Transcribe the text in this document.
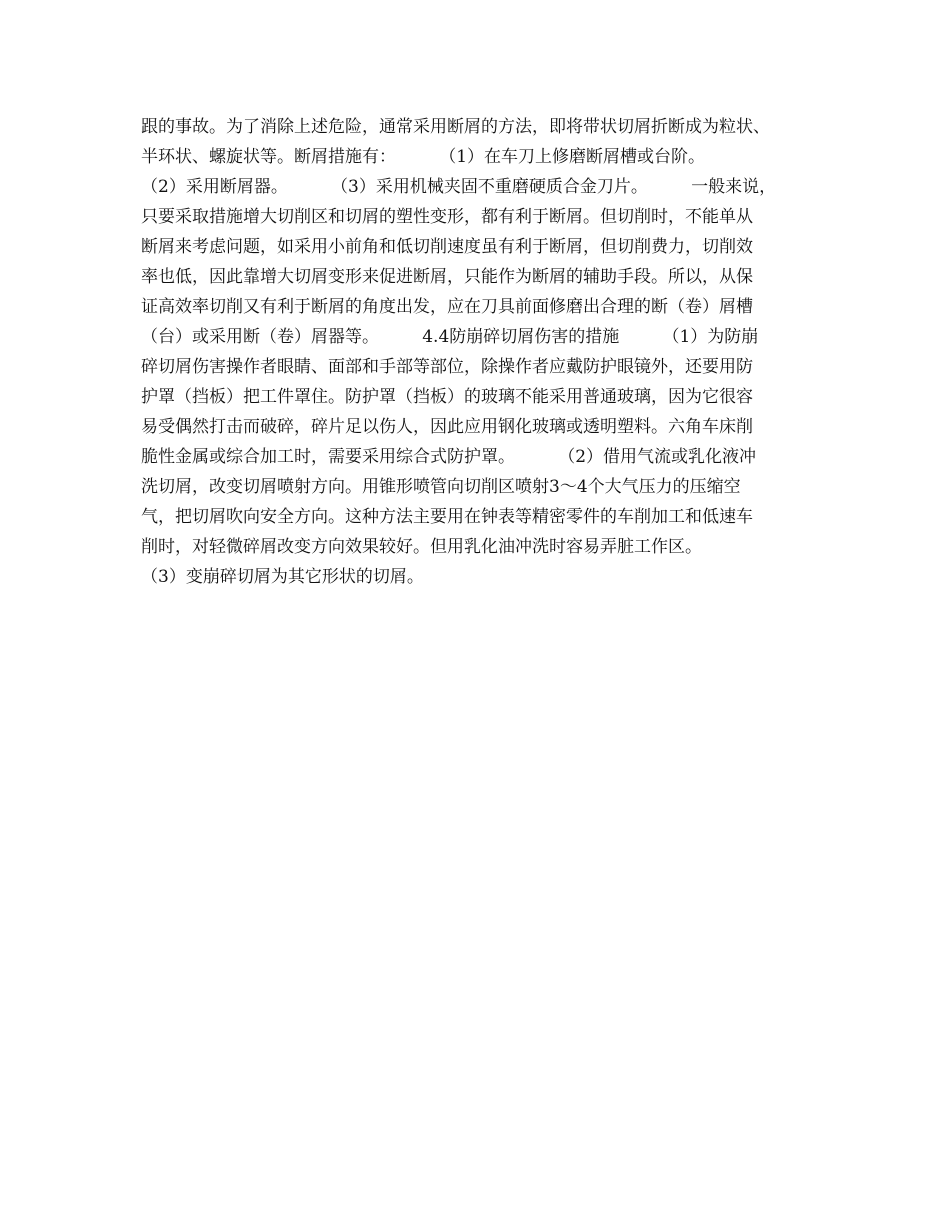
跟的事故。为了消除上述危险，通常采用断屑的方法，即将带状切屑折断成为粒状、
半环状、螺旋状等。断屑措施有：        （1）在车刀上修磨断屑槽或台阶。
（2）采用断屑器。        （3）采用机械夹固不重磨硬质合金刀片。        一般来说，
只要采取措施增大切削区和切屑的塑性变形，都有利于断屑。但切削时，不能单从
断屑来考虑问题，如采用小前角和低切削速度虽有利于断屑，但切削费力，切削效
率也低，因此靠增大切屑变形来促进断屑，只能作为断屑的辅助手段。所以，从保
证高效率切削又有利于断屑的角度出发，应在刀具前面修磨出合理的断（卷）屑槽
（台）或采用断（卷）屑器等。        4.4防崩碎切屑伤害的措施        （1）为防崩
碎切屑伤害操作者眼睛、面部和手部等部位，除操作者应戴防护眼镜外，还要用防
护罩（挡板）把工件罩住。防护罩（挡板）的玻璃不能采用普通玻璃，因为它很容
易受偶然打击而破碎，碎片足以伤人，因此应用钢化玻璃或透明塑料。六角车床削
脆性金属或综合加工时，需要采用综合式防护罩。        （2）借用气流或乳化液冲
洗切屑，改变切屑喷射方向。用锥形喷管向切削区喷射3～4个大气压力的压缩空
气，把切屑吹向安全方向。这种方法主要用在钟表等精密零件的车削加工和低速车
削时，对轻微碎屑改变方向效果较好。但用乳化油冲洗时容易弄脏工作区。
（3）变崩碎切屑为其它形状的切屑。
